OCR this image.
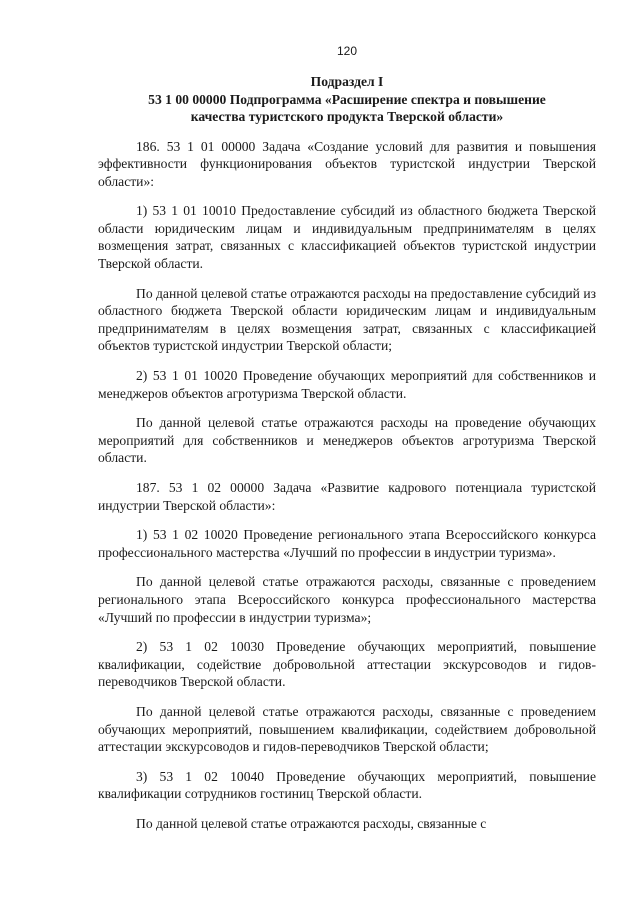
120
Подраздел I
53 1 00 00000 Подпрограмма «Расширение спектра и повышение
качества туристского продукта Тверской области»

186. 53 1 01 00000 Задача «Создание условий для развития и повышения эффективности функционирования объектов туристской индустрии Тверской области»:

1) 53 1 01 10010 Предоставление субсидий из областного бюджета Тверской области юридическим лицам и индивидуальным предпринимателям в целях возмещения затрат, связанных с классификацией объектов туристской индустрии Тверской области.

По данной целевой статье отражаются расходы на предоставление субсидий из областного бюджета Тверской области юридическим лицам и индивидуальным предпринимателям в целях возмещения затрат, связанных с классификацией объектов туристской индустрии Тверской области;

2) 53 1 01 10020 Проведение обучающих мероприятий для собственников и менеджеров объектов агротуризма Тверской области.

По данной целевой статье отражаются расходы на проведение обучающих мероприятий для собственников и менеджеров объектов агротуризма Тверской области.

187. 53 1 02 00000 Задача «Развитие кадрового потенциала туристской индустрии Тверской области»:

1) 53 1 02 10020 Проведение регионального этапа Всероссийского конкурса профессионального мастерства «Лучший по профессии в индустрии туризма».

По данной целевой статье отражаются расходы, связанные с проведением регионального этапа Всероссийского конкурса профессионального мастерства «Лучший по профессии в индустрии туризма»;

2) 53 1 02 10030 Проведение обучающих мероприятий, повышение квалификации, содействие добровольной аттестации экскурсоводов и гидов-переводчиков Тверской области.

По данной целевой статье отражаются расходы, связанные с проведением обучающих мероприятий, повышением квалификации, содействием добровольной аттестации экскурсоводов и гидов-переводчиков Тверской области;

3) 53 1 02 10040 Проведение обучающих мероприятий, повышение квалификации сотрудников гостиниц Тверской области.

По данной целевой статье отражаются расходы, связанные с
